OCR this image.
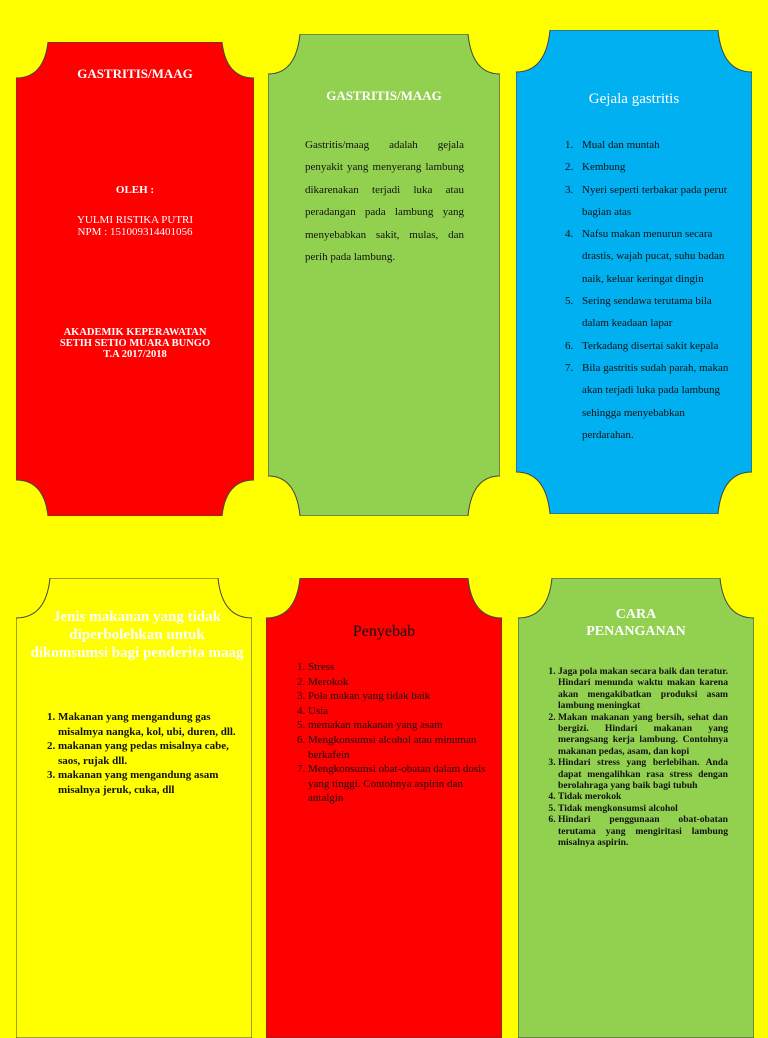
GASTRITIS/MAAG
OLEH :
YULMI RISTIKA PUTRI
NPM : 151009314401056
AKADEMIK KEPERAWATAN
SETIH SETIO MUARA BUNGO
T.A 2017/2018
GASTRITIS/MAAG
Gastritis/maag adalah gejala penyakit yang menyerang lambung dikarenakan terjadi luka atau peradangan pada lambung yang menyebabkan sakit, mulas, dan perih pada lambung.
Gejala gastritis
1. Mual dan muntah
2. Kembung
3. Nyeri seperti terbakar pada perut bagian atas
4. Nafsu makan menurun secara drastis, wajah pucat, suhu badan naik, keluar keringat dingin
5. Sering sendawa terutama bila dalam keadaan lapar
6. Terkadang disertai sakit kepala
7. Bila gastritis sudah parah, makan akan terjadi luka pada lambung sehingga menyebabkan perdarahan.
Jenis makanan yang tidak diperbolehkan untuk dikomsumsi bagi penderita maag
1. Makanan yang mengandung gas misalmya nangka, kol, ubi, duren, dll.
2. makanan yang pedas misalnya cabe, saos, rujak dll.
3. makanan yang mengandung asam misalnya jeruk, cuka, dll
Penyebab
1. Stress
2. Merokok
3. Pola makan yang tidak baik
4. Usia
5. memakan makanan yang asam
6. Mengkonsumsi alcohol atau minuman berkafein
7. Mengkonsumsi obat-obatan dalam dosis yang tinggi. Contohnya aspirin dan antalgin
CARA
PENANGANAN
1. Jaga pola makan secara baik dan teratur. Hindari menunda waktu makan karena akan mengakibatkan produksi asam lambung meningkat
2. Makan makanan yang bersih, sehat dan bergizi. Hindari makanan yang merangsang kerja lambung. Contohnya makanan pedas, asam, dan kopi
3. Hindari stress yang berlebihan. Anda dapat mengalihkan rasa stress dengan berolahraga yang baik bagi tubuh
4. Tidak merokok
5. Tidak mengkonsumsi alcohol
6. Hindari penggunaan obat-obatan terutama yang mengiritasi lambung misalnya aspirin.
